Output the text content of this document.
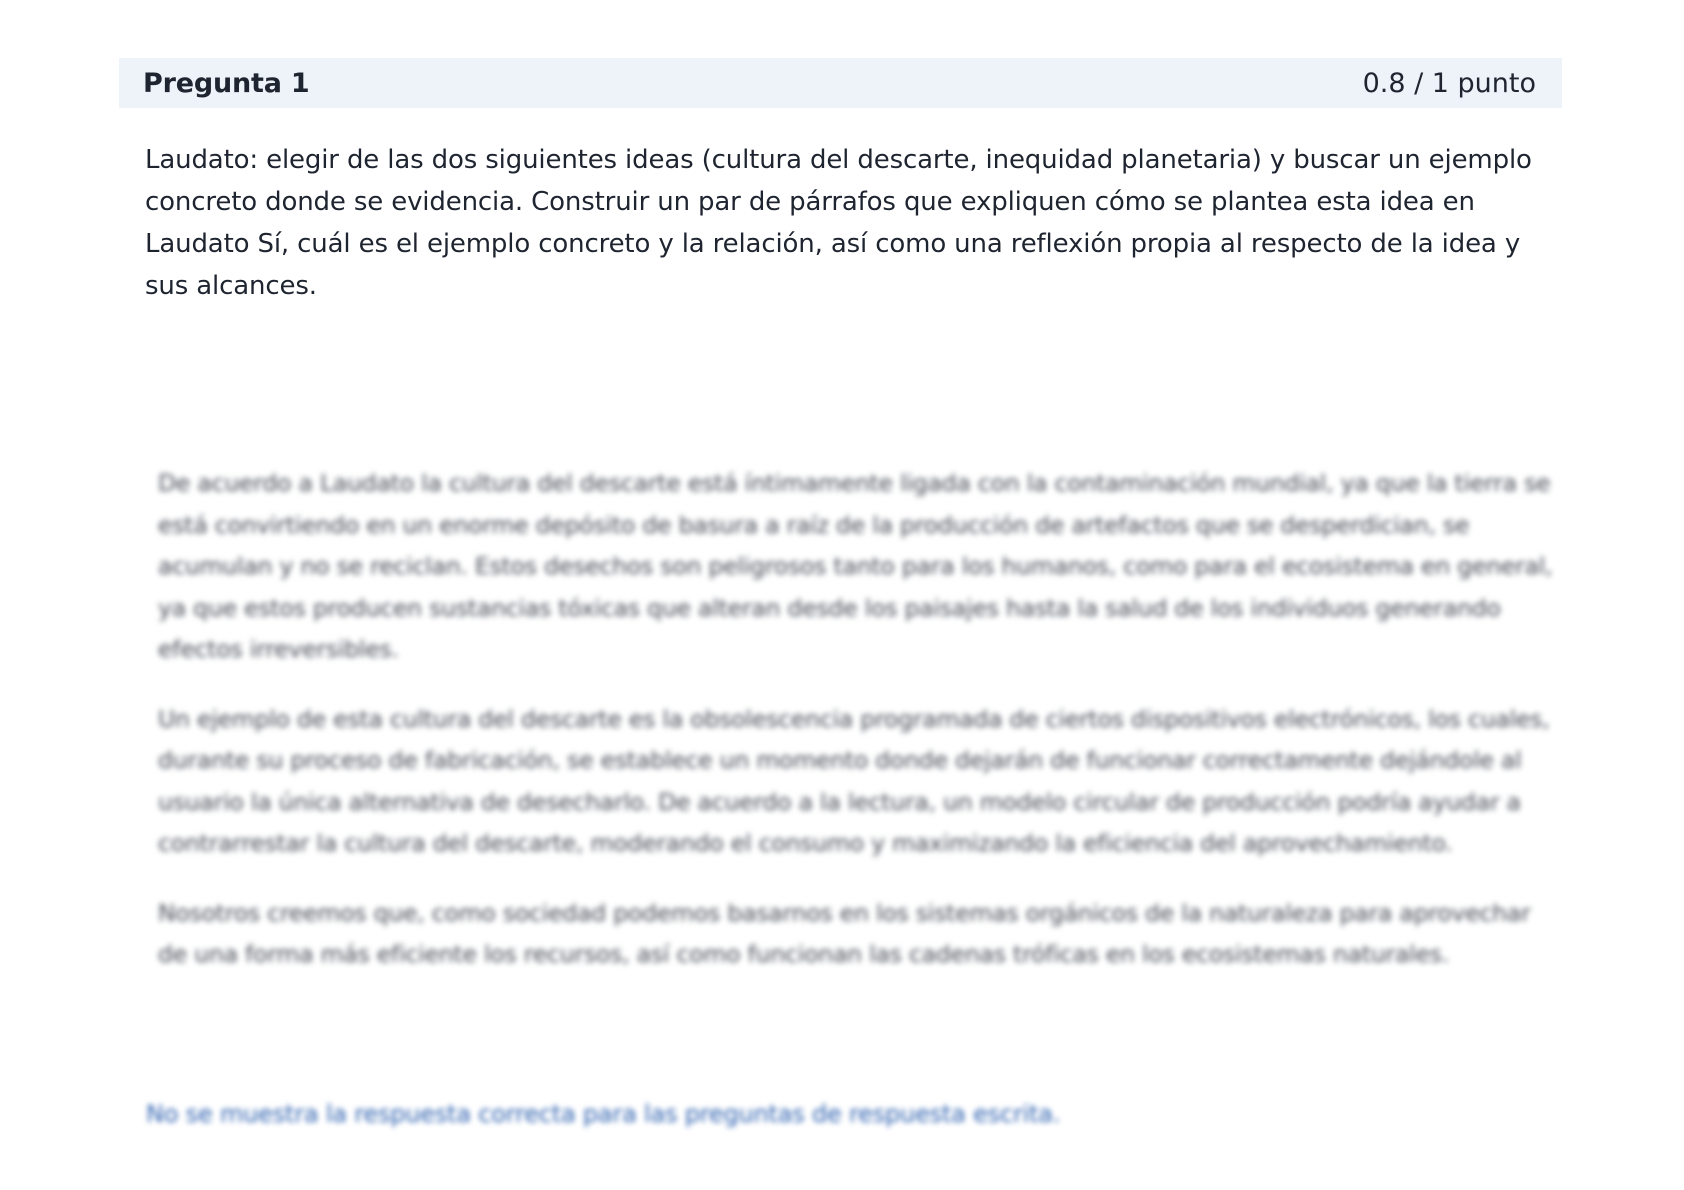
Pregunta 1	0.8 / 1 punto
Laudato: elegir de las dos siguientes ideas (cultura del descarte, inequidad planetaria) y buscar un ejemplo concreto donde se evidencia. Construir un par de párrafos que expliquen cómo se plantea esta idea en Laudato Sí, cuál es el ejemplo concreto y la relación, así como una reflexión propia al respecto de la idea y sus alcances.

De acuerdo a Laudato la cultura del descarte está íntimamente ligada con la contaminación mundial, ya que la tierra se está convirtiendo en un enorme depósito de basura a raíz de la producción de artefactos que se desperdician, se acumulan y no se reciclan. Estos desechos son peligrosos tanto para los humanos, como para el ecosistema en general, ya que estos producen sustancias tóxicas que alteran desde los paisajes hasta la salud de los individuos generando efectos irreversibles.

Un ejemplo de esta cultura del descarte es la obsolescencia programada de ciertos dispositivos electrónicos, los cuales, durante su proceso de fabricación, se establece un momento donde dejarán de funcionar correctamente dejándole al usuario la única alternativa de desecharlo. De acuerdo a la lectura, un modelo circular de producción podría ayudar a contrarrestar la cultura del descarte, moderando el consumo y maximizando la eficiencia del aprovechamiento.

Nosotros creemos que, como sociedad podemos basarnos en los sistemas orgánicos de la naturaleza para aprovechar de una forma más eficiente los recursos, así como funcionan las cadenas tróficas en los ecosistemas naturales.

No se muestra la respuesta correcta para las preguntas de respuesta escrita.
